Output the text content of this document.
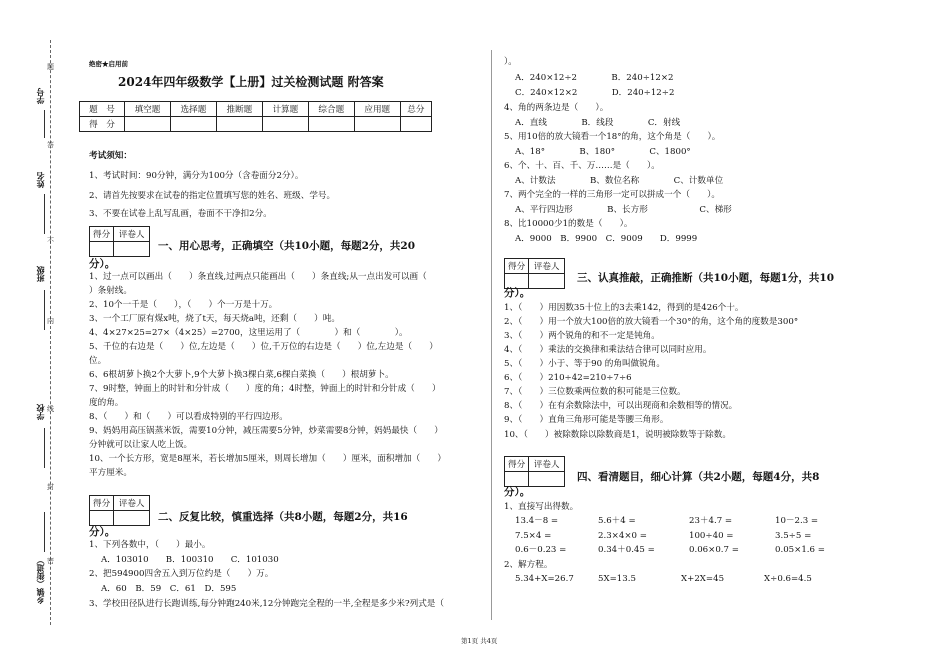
学号
姓名
班级
学校
乡镇（街道）
题
答
不
内
线
封
密
绝密★启用前
2024年四年级数学【上册】过关检测试题 附答案
题　号	填空题	选择题	推断题	计算题	综合题	应用题	总分
得　分							
考试须知：
1、考试时间：90分钟，满分为100分（含卷面分2分）。
2、请首先按要求在试卷的指定位置填写您的姓名、班级、学号。
3、不要在试卷上乱写乱画，卷面不干净扣2分。
得分	评卷人

一、用心思考，正确填空（共10小题，每题2分，共20
分）。
1、过一点可以画出（　　）条直线,过两点只能画出（　　）条直线;从一点出发可以画（
）条射线。
2、10个一千是（　　），（　　）个一万是十万。
3、一个工厂原有煤x吨，烧了t天，每天烧a吨，还剩（　　）吨。
4、4×27×25=27×（4×25）=2700，这里运用了（　　　　）和（　　　　）。
5、千位的右边是（　　）位,左边是（　　）位,千万位的右边是（　　）位,左边是（　　）
位。
6、6根胡萝卜换2个大萝卜,9个大萝卜换3棵白菜,6棵白菜换（　　）根胡萝卜。
7、9时整，钟面上的时针和分针成（　　）度的角；4时整，钟面上的时针和分针成（　　）
度的角。
8、（　　）和（　　）可以看成特别的平行四边形。
9、妈妈用高压锅蒸米饭，需要10分钟，减压需要5分钟，炒菜需要8分钟，妈妈最快（　　）
分钟就可以让家人吃上饭。
10、一个长方形，宽是8厘米，若长增加5厘米，则周长增加（　　）厘米，面积增加（　　）
平方厘米。
得分	评卷人

二、反复比较，慎重选择（共8小题，每题2分，共16
分）。
1、下列各数中，（　　）最小。
A．103010　　B．100310　　C．101030
2、把594900四舍五入到万位约是（　　）万。
A．60　B．59　C．61　D．595
3、学校田径队进行长跑训练,每分钟跑240米,12分钟跑完全程的一半,全程是多少米?列式是（
）。
A．240×12÷2　　　　B．240÷12×2
C．240×12×2　　　　D．240÷12÷2
4、角的两条边是（　　）。
A．直线　　　　B．线段　　　　C．射线
5、用10倍的放大镜看一个18°的角，这个角是（　　）。
A、18°　　　　B、180°　　　　C、1800°
6、个、十、百、千、万……是（　　）。
A、计数法　　　　B、数位名称　　　　C、计数单位
7、两个完全的一样的三角形一定可以拼成一个（　　）。
A、平行四边形　　　　B、长方形　　　　　　C、梯形
8、比10000少1的数是（　　）。
A．9000　B．9900　C．9009　　D．9999
得分	评卷人

三、认真推敲，正确推断（共10小题，每题1分，共10
分）。
1、（　　）用因数35十位上的3去乘142，得到的是426个十。
2、（　　）用一个放大100倍的放大镜看一个30°的角，这个角的度数是300°
3、（　　）两个锐角的和不一定是钝角。
4、（　　）乘法的交换律和乘法结合律可以同时应用。
5、（　　）小于、等于90 的角叫做锐角。
6、（　　）210÷42=210÷7÷6
7、（　　）三位数乘两位数的积可能是三位数。
8、（　　）在有余数除法中，可以出现商和余数相等的情况。
9、（　　）直角三角形可能是等腰三角形。
10、（　　）被除数除以除数商是1，说明被除数等于除数。
得分	评卷人

四、看清题目，细心计算（共2小题，每题4分，共8
分）。
1、直接写出得数。
13.4－8 =	5.6＋4 =	23＋4.7 =	10－2.3 =
7.5×4 =	2.3×4×0 =	100÷40 =	3.5÷5 =
0.6－0.23 =	0.34＋0.45 =	0.06×0.7 =	0.05×1.6 =
2、解方程。
5.34+X=26.7	5X=13.5	X+2X=45	X÷0.6=4.5
第1页 共4页
